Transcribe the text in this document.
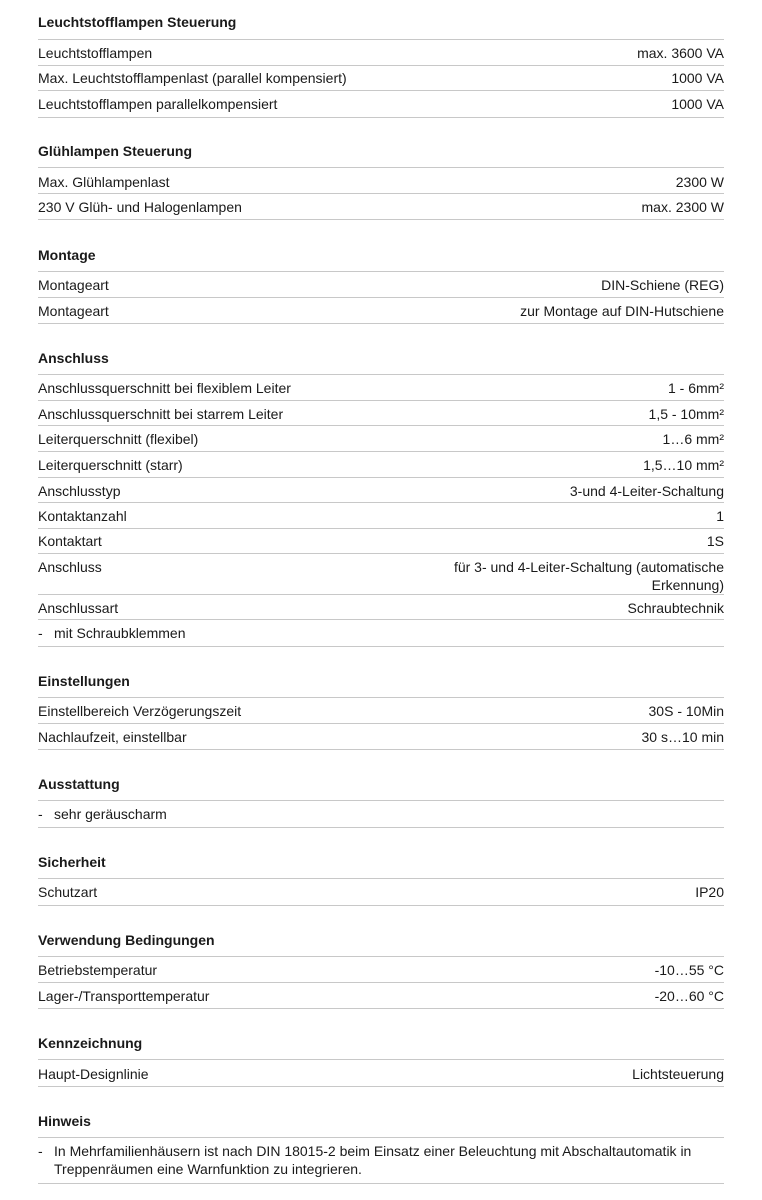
Leuchtstofflampen Steuerung
Leuchtstofflampen	max. 3600 VA
Max. Leuchtstofflampenlast (parallel kompensiert)	1000 VA
Leuchtstofflampen parallelkompensiert	1000 VA
Glühlampen Steuerung
Max. Glühlampenlast	2300 W
230 V Glüh- und Halogenlampen	max. 2300 W
Montage
Montageart	DIN-Schiene (REG)
Montageart	zur Montage auf DIN-Hutschiene
Anschluss
Anschlussquerschnitt bei flexiblem Leiter	1 - 6mm²
Anschlussquerschnitt bei starrem Leiter	1,5 - 10mm²
Leiterquerschnitt (flexibel)	1…6 mm²
Leiterquerschnitt (starr)	1,5…10 mm²
Anschlusstyp	3-und 4-Leiter-Schaltung
Kontaktanzahl	1
Kontaktart	1S
Anschluss	für 3- und 4-Leiter-Schaltung (automatische Erkennung)
Anschlussart	Schraubtechnik
- mit Schraubklemmen
Einstellungen
Einstellbereich Verzögerungszeit	30S - 10Min
Nachlaufzeit, einstellbar	30 s…10 min
Ausstattung
- sehr geräuscharm
Sicherheit
Schutzart	IP20
Verwendung Bedingungen
Betriebstemperatur	-10…55 °C
Lager-/Transporttemperatur	-20…60 °C
Kennzeichnung
Haupt-Designlinie	Lichtsteuerung
Hinweis
- In Mehrfamilienhäusern ist nach DIN 18015-2 beim Einsatz einer Beleuchtung mit Abschaltautomatik in Treppenräumen eine Warnfunktion zu integrieren.
